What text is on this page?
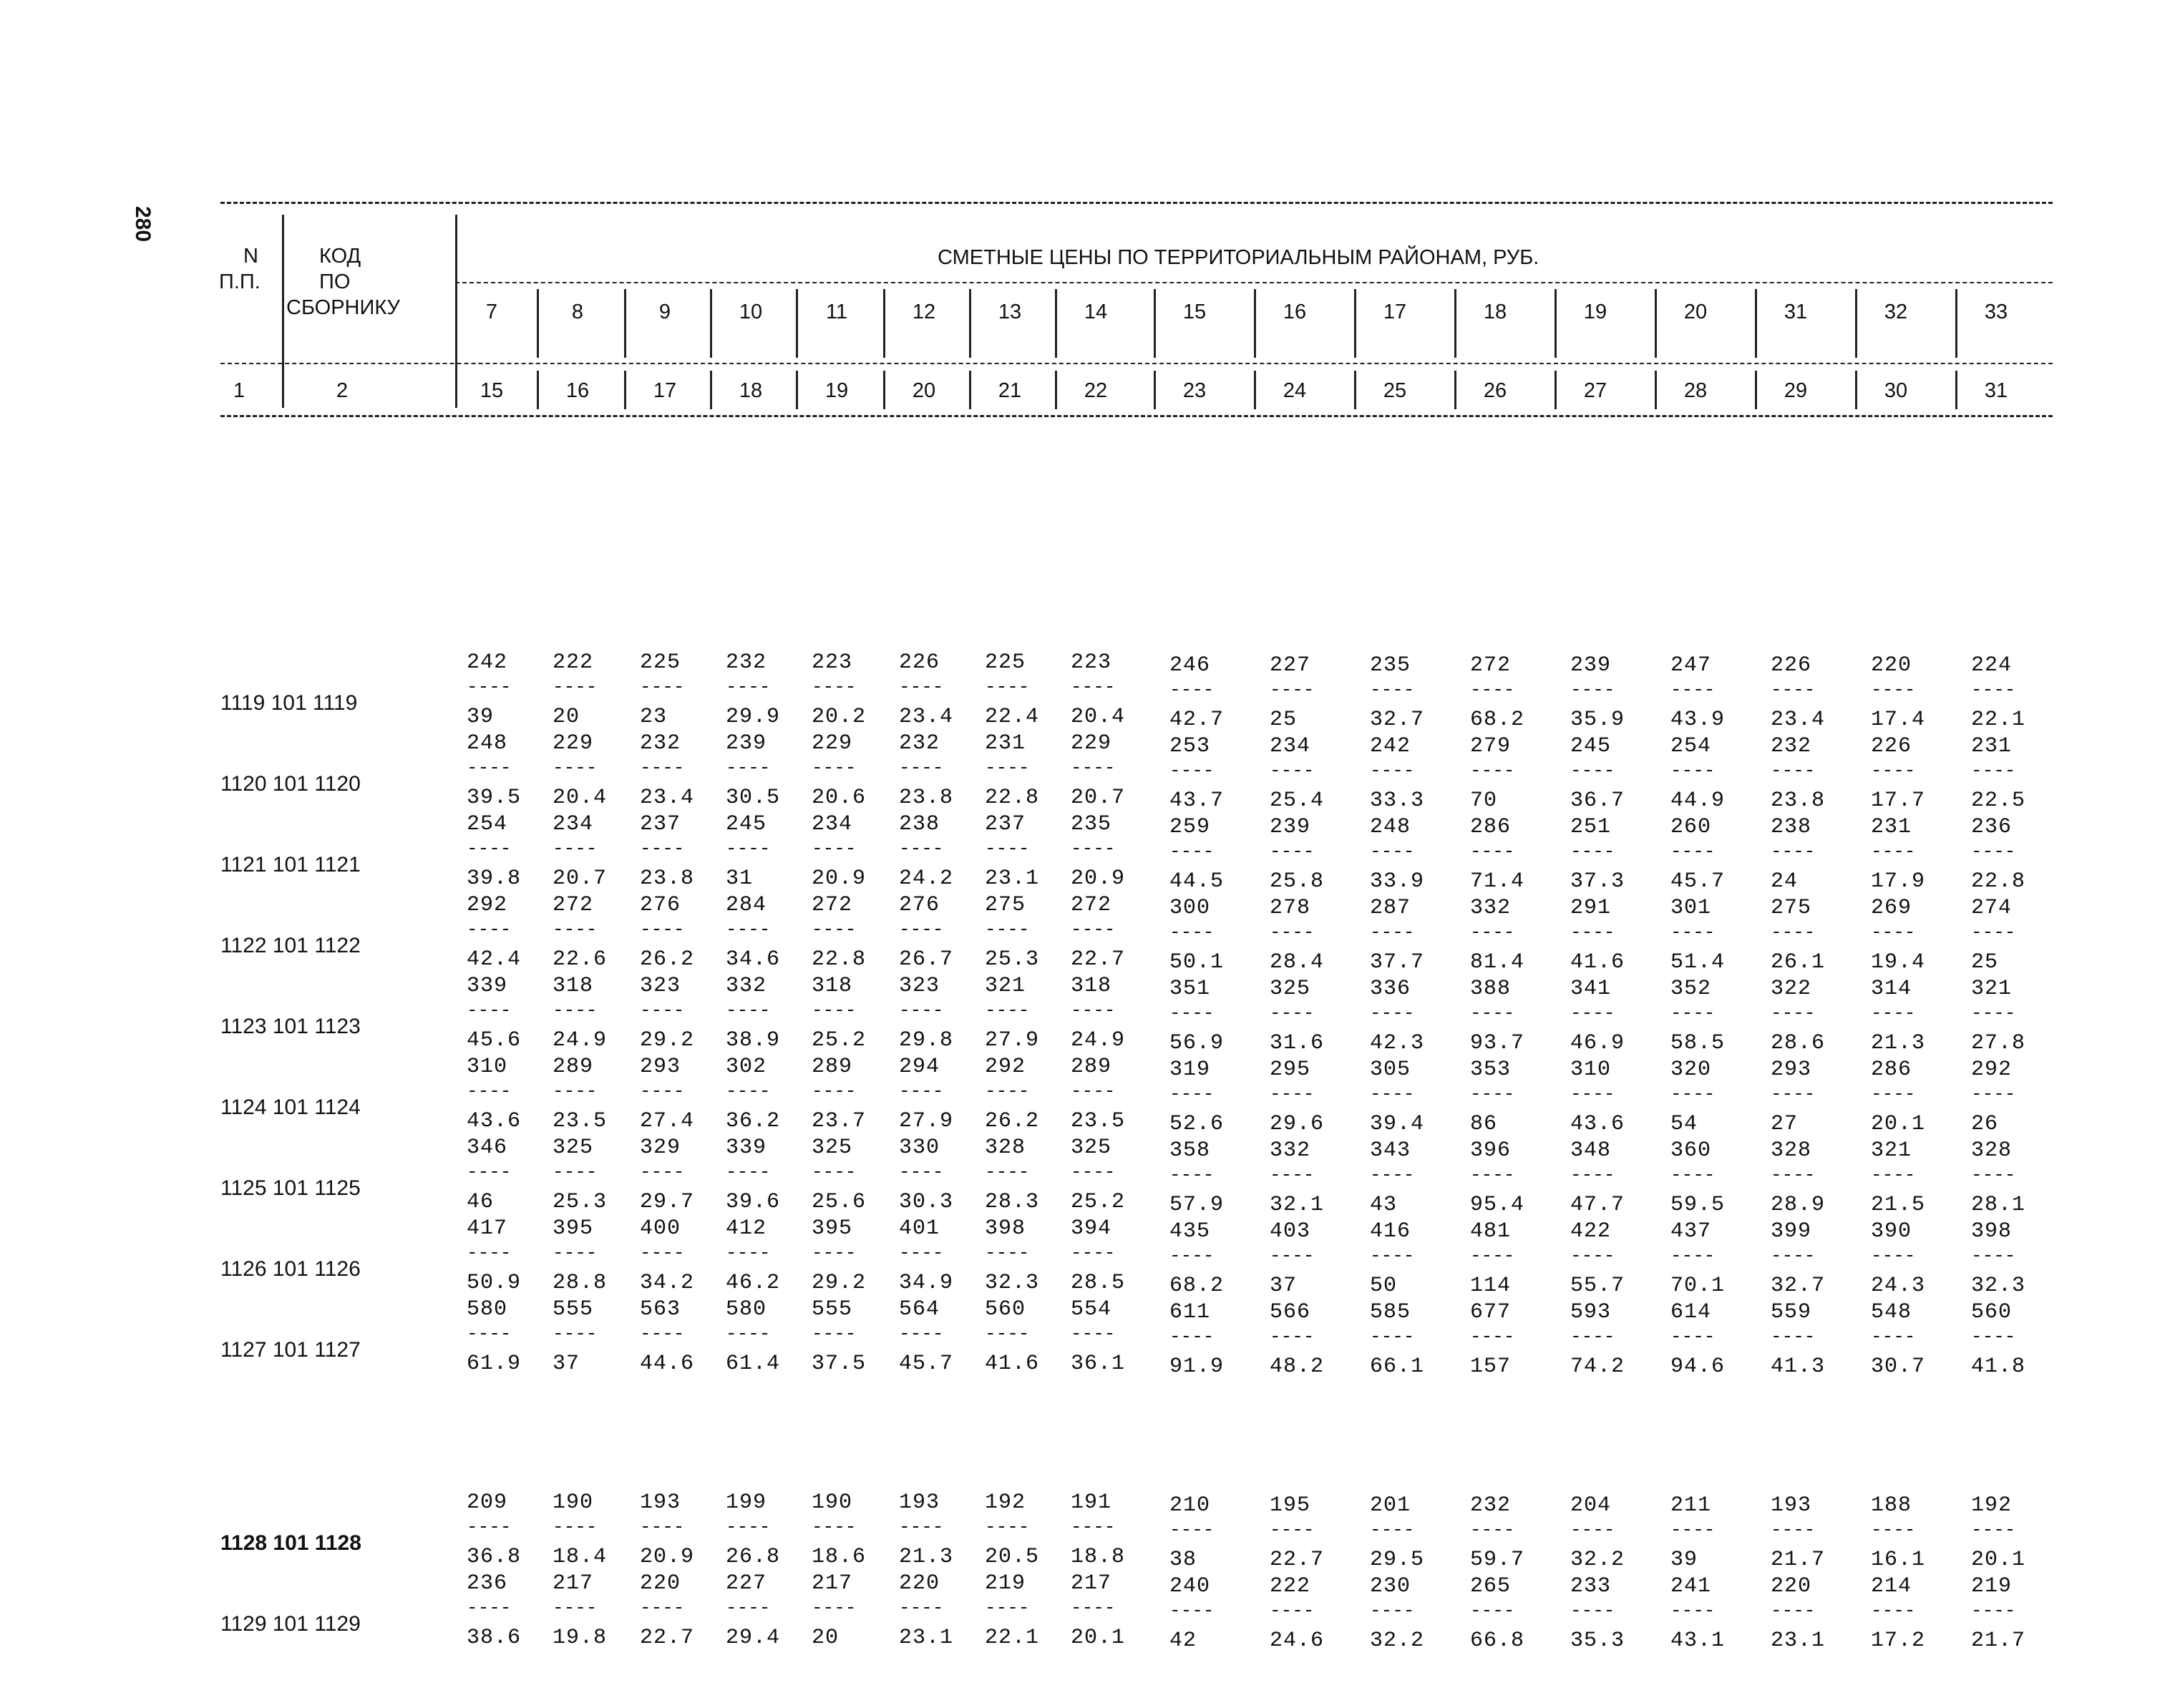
280
N
П.П.
КОД
ПО
СБОРНИКУ
СМЕТНЫЕ ЦЕНЫ ПО ТЕРРИТОРИАЛЬНЫМ РАЙОНАМ, РУБ.
1	2
7
15
8
16
9
17
10
18
11
19
12
20
13
21
14
22
15
23
16
24
17
25
18
26
19
27
20
28
31
29
32
30
33
31
1119 101 1119
242
----
39
222
----
20
225
----
23
232
----
29.9
223
----
20.2
226
----
23.4
225
----
22.4
223
----
20.4
246
----
42.7
227
----
25
235
----
32.7
272
----
68.2
239
----
35.9
247
----
43.9
226
----
23.4
220
----
17.4
224
----
22.1
1120 101 1120
248
----
39.5
229
----
20.4
232
----
23.4
239
----
30.5
229
----
20.6
232
----
23.8
231
----
22.8
229
----
20.7
253
----
43.7
234
----
25.4
242
----
33.3
279
----
70
245
----
36.7
254
----
44.9
232
----
23.8
226
----
17.7
231
----
22.5
1121 101 1121
254
----
39.8
234
----
20.7
237
----
23.8
245
----
31
234
----
20.9
238
----
24.2
237
----
23.1
235
----
20.9
259
----
44.5
239
----
25.8
248
----
33.9
286
----
71.4
251
----
37.3
260
----
45.7
238
----
24
231
----
17.9
236
----
22.8
1122 101 1122
292
----
42.4
272
----
22.6
276
----
26.2
284
----
34.6
272
----
22.8
276
----
26.7
275
----
25.3
272
----
22.7
300
----
50.1
278
----
28.4
287
----
37.7
332
----
81.4
291
----
41.6
301
----
51.4
275
----
26.1
269
----
19.4
274
----
25
1123 101 1123
339
----
45.6
318
----
24.9
323
----
29.2
332
----
38.9
318
----
25.2
323
----
29.8
321
----
27.9
318
----
24.9
351
----
56.9
325
----
31.6
336
----
42.3
388
----
93.7
341
----
46.9
352
----
58.5
322
----
28.6
314
----
21.3
321
----
27.8
1124 101 1124
310
----
43.6
289
----
23.5
293
----
27.4
302
----
36.2
289
----
23.7
294
----
27.9
292
----
26.2
289
----
23.5
319
----
52.6
295
----
29.6
305
----
39.4
353
----
86
310
----
43.6
320
----
54
293
----
27
286
----
20.1
292
----
26
1125 101 1125
346
----
46
325
----
25.3
329
----
29.7
339
----
39.6
325
----
25.6
330
----
30.3
328
----
28.3
325
----
25.2
358
----
57.9
332
----
32.1
343
----
43
396
----
95.4
348
----
47.7
360
----
59.5
328
----
28.9
321
----
21.5
328
----
28.1
1126 101 1126
417
----
50.9
395
----
28.8
400
----
34.2
412
----
46.2
395
----
29.2
401
----
34.9
398
----
32.3
394
----
28.5
435
----
68.2
403
----
37
416
----
50
481
----
114
422
----
55.7
437
----
70.1
399
----
32.7
390
----
24.3
398
----
32.3
1127 101 1127
580
----
61.9
555
----
37
563
----
44.6
580
----
61.4
555
----
37.5
564
----
45.7
560
----
41.6
554
----
36.1
611
----
91.9
566
----
48.2
585
----
66.1
677
----
157
593
----
74.2
614
----
94.6
559
----
41.3
548
----
30.7
560
----
41.8
1128 101 1128
209
----
36.8
190
----
18.4
193
----
20.9
199
----
26.8
190
----
18.6
193
----
21.3
192
----
20.5
191
----
18.8
210
----
38
195
----
22.7
201
----
29.5
232
----
59.7
204
----
32.2
211
----
39
193
----
21.7
188
----
16.1
192
----
20.1
1129 101 1129
236
----
38.6
217
----
19.8
220
----
22.7
227
----
29.4
217
----
20
220
----
23.1
219
----
22.1
217
----
20.1
240
----
42
222
----
24.6
230
----
32.2
265
----
66.8
233
----
35.3
241
----
43.1
220
----
23.1
214
----
17.2
219
----
21.7
